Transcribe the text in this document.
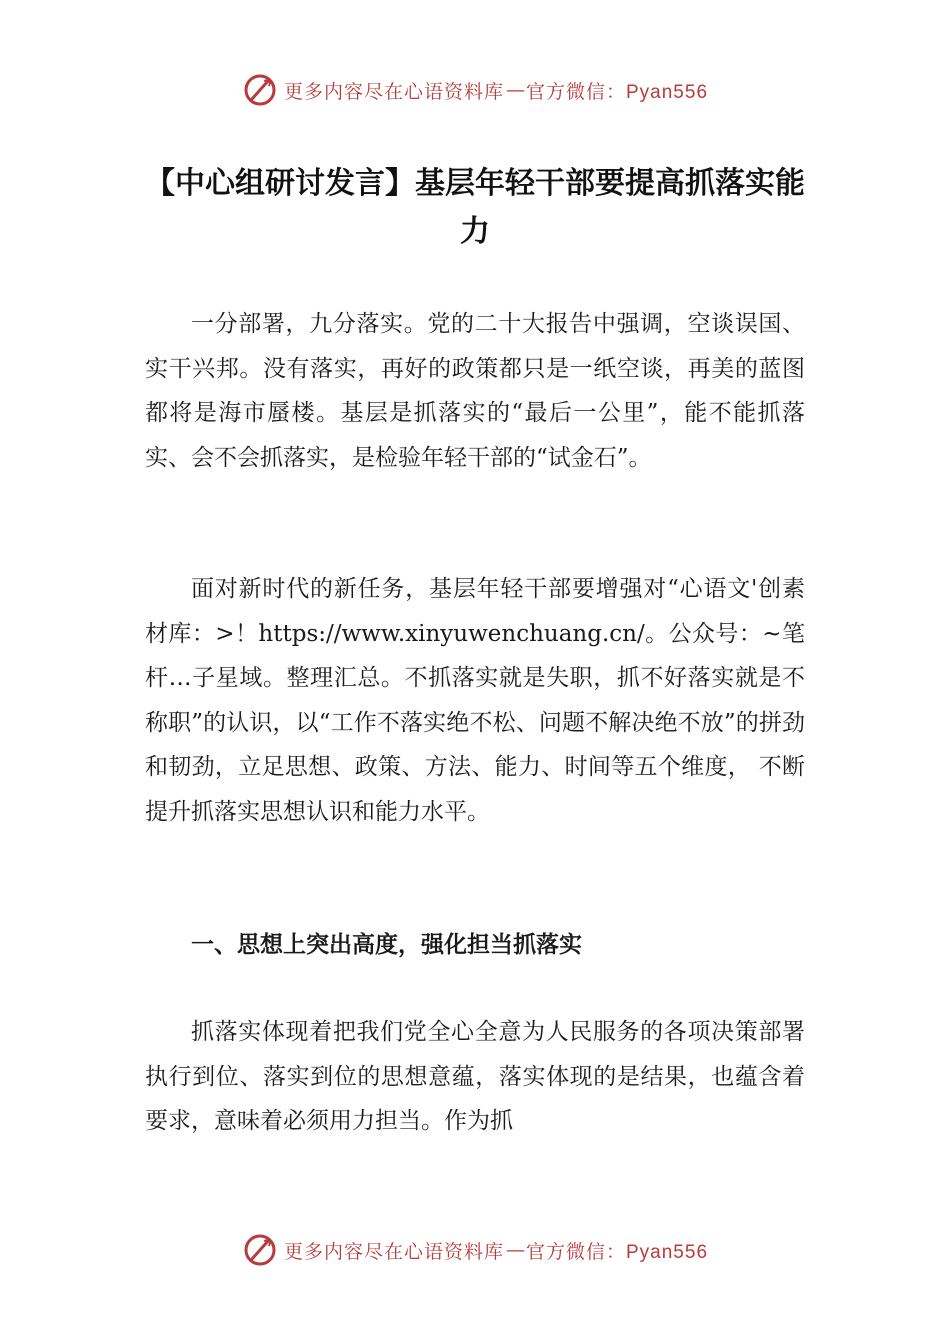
更多内容尽在心语资料库 — 官方微信：Pyan556
【中心组研讨发言】基层年轻干部要提高抓落实能力

一分部署，九分落实。党的二十大报告中强调，空谈误国、实干兴邦。没有落实，再好的政策都只是一纸空谈，再美的蓝图都将是海市蜃楼。基层是抓落实的“最后一公里”，能不能抓落实、会不会抓落实，是检验年轻干部的“试金石”。

面对新时代的新任务，基层年轻干部要增强对“心语文'创素材库：>！https://www.xinyuwenchuang.cn/。公众号：~笔杆…子星域。整理汇总。不抓落实就是失职，抓不好落实就是不称职”的认识，以“工作不落实绝不松、问题不解决绝不放”的拼劲和韧劲，立足思想、政策、方法、能力、时间等五个维度， 不断提升抓落实思想认识和能力水平。

一、思想上突出高度，强化担当抓落实

抓落实体现着把我们党全心全意为人民服务的各项决策部署执行到位、落实到位的思想意蕴，落实体现的是结果，也蕴含着要求，意味着必须用力担当。作为抓

更多内容尽在心语资料库 — 官方微信：Pyan556
